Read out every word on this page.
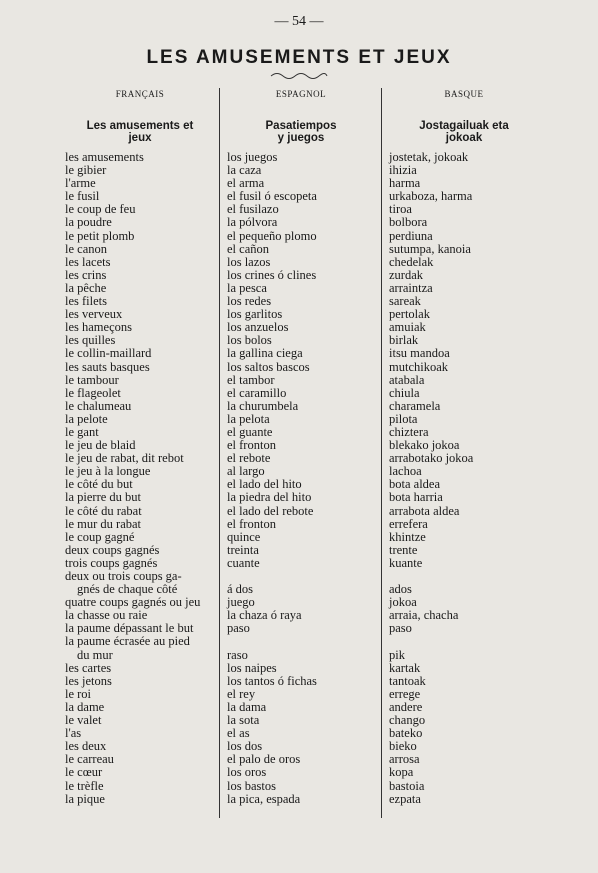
— 54 —
LES AMUSEMENTS ET JEUX
FRANÇAIS	ESPAGNOL	BASQUE
Les amusements et
jeux
Pasatiempos
y juegos
Jostagailuak eta
jokoak
les amusements
le gibier
l'arme
le fusil
le coup de feu
la poudre
le petit plomb
le canon
les lacets
les crins
la pêche
les filets
les verveux
les hameçons
les quilles
le collin-maillard
les sauts basques
le tambour
le flageolet
le chalumeau
la pelote
le gant
le jeu de blaid
le jeu de rabat, dit rebot
le jeu à la longue
le côté du but
la pierre du but
le côté du rabat
le mur du rabat
le coup gagné
deux coups gagnés
trois coups gagnés
deux ou trois coups ga-
gnés de chaque côté
quatre coups gagnés ou jeu
la chasse ou raie
la paume dépassant le but
la paume écrasée au pied
du mur
les cartes
les jetons
le roi
la dame
le valet
l'as
les deux
le carreau
le cœur
le trèfle
la pique
los juegos
la caza
el arma
el fusil ó escopeta
el fusilazo
la pólvora
el pequeño plomo
el cañon
los lazos
los crines ó clines
la pesca
los redes
los garlitos
los anzuelos
los bolos
la gallina ciega
los saltos bascos
el tambor
el caramillo
la churumbela
la pelota
el guante
el fronton
el rebote
al largo
el lado del hito
la piedra del hito
el lado del rebote
el fronton
quince
treinta
cuante
á dos
juego
la chaza ó raya
paso
raso
los naipes
los tantos ó fichas
el rey
la dama
la sota
el as
los dos
el palo de oros
los oros
los bastos
la pica, espada
jostetak, jokoak
ihizia
harma
urkaboza, harma
tiroa
bolbora
perdiuna
sutumpa, kanoia
chedelak
zurdak
arraintza
sareak
pertolak
amuiak
birlak
itsu mandoa
mutchikoak
atabala
chiula
charamela
pilota
chiztera
blekako jokoa
arrabotako jokoa
lachoa
bota aldea
bota harria
arrabota aldea
errefera
khintze
trente
kuante
ados
jokoa
arraia, chacha
paso
pik
kartak
tantoak
errege
andere
chango
bateko
bieko
arrosa
kopa
bastoia
ezpata
